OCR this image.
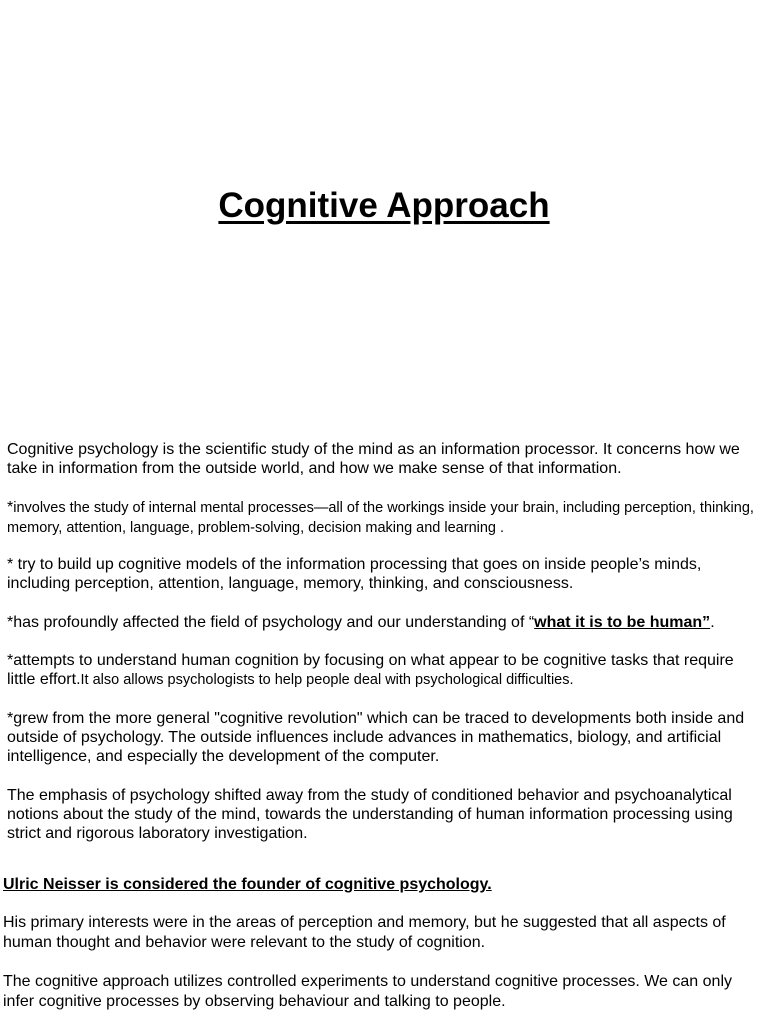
Cognitive Approach

Cognitive psychology is the scientific study of the mind as an information processor. It concerns how we take in information from the outside world, and how we make sense of that information.

*involves the study of internal mental processes—all of the workings inside your brain, including perception, thinking, memory, attention, language, problem-solving, decision making and learning .

* try to build up cognitive models of the information processing that goes on inside people’s minds, including perception, attention, language, memory, thinking, and consciousness.

*has profoundly affected the field of psychology and our understanding of “what it is to be human”.

*attempts to understand human cognition by focusing on what appear to be cognitive tasks that require little effort.It also allows psychologists to help people deal with psychological difficulties.

*grew from the more general "cognitive revolution" which can be traced to developments both inside and outside of psychology. The outside influences include advances in mathematics, biology, and artificial intelligence, and especially the development of the computer.

The emphasis of psychology shifted away from the study of conditioned behavior and psychoanalytical notions about the study of the mind, towards the understanding of human information processing using strict and rigorous laboratory investigation.

Ulric Neisser is considered the founder of cognitive psychology.

His primary interests were in the areas of perception and memory, but he suggested that all aspects of human thought and behavior were relevant to the study of cognition.

The cognitive approach utilizes controlled experiments to understand cognitive processes. We can only infer cognitive processes by observing behaviour and talking to people.
